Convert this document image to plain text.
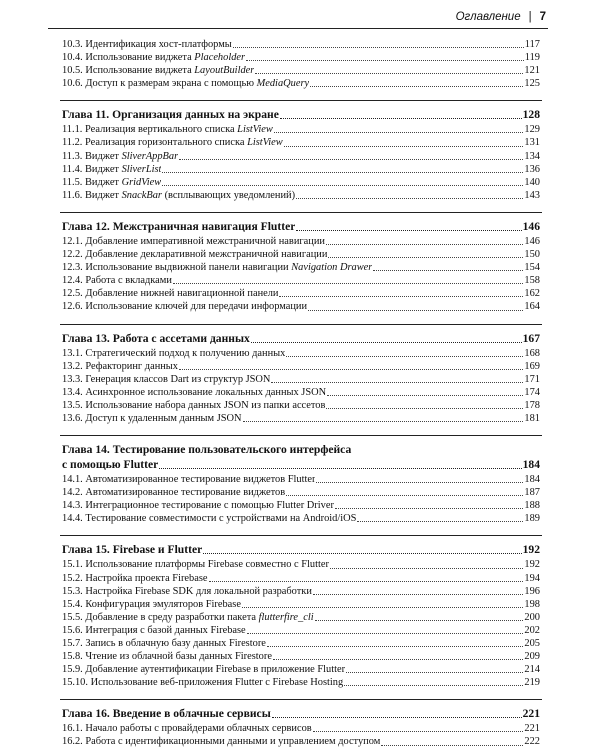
Оглавление | 7
10.3. Идентификация хост-платформы	117
10.4. Использование виджета Placeholder	119
10.5. Использование виджета LayoutBuilder	121
10.6. Доступ к размерам экрана с помощью MediaQuery	125
Глава 11. Организация данных на экране	128
11.1. Реализация вертикального списка ListView	129
11.2. Реализация горизонтального списка ListView	131
11.3. Виджет SliverAppBar	134
11.4. Виджет SliverList	136
11.5. Виджет GridView	140
11.6. Виджет SnackBar (всплывающих уведомлений)	143
Глава 12. Межстраничная навигация Flutter	146
12.1. Добавление императивной межстраничной навигации	146
12.2. Добавление декларативной межстраничной навигации	150
12.3. Использование выдвижной панели навигации Navigation Drawer	154
12.4. Работа с вкладками	158
12.5. Добавление нижней навигационной панели	162
12.6. Использование ключей для передачи информации	164
Глава 13. Работа с ассетами данных	167
13.1. Стратегический подход к получению данных	168
13.2. Рефакторинг данных	169
13.3. Генерация классов Dart из структур JSON	171
13.4. Асинхронное использование локальных данных JSON	174
13.5. Использование набора данных JSON из папки ассетов	178
13.6. Доступ к удаленным данным JSON	181
Глава 14. Тестирование пользовательского интерфейса
с помощью Flutter	184
14.1. Автоматизированное тестирование виджетов Flutter	184
14.2. Автоматизированное тестирование виджетов	187
14.3. Интеграционное тестирование с помощью Flutter Driver	188
14.4. Тестирование совместимости с устройствами на Android/iOS	189
Глава 15. Firebase и Flutter	192
15.1. Использование платформы Firebase совместно с Flutter	192
15.2. Настройка проекта Firebase	194
15.3. Настройка Firebase SDK для локальной разработки	196
15.4. Конфигурация эмуляторов Firebase	198
15.5. Добавление в среду разработки пакета flutterfire_cli	200
15.6. Интеграция с базой данных Firebase	202
15.7. Запись в облачную базу данных Firestore	205
15.8. Чтение из облачной базы данных Firestore	209
15.9. Добавление аутентификации Firebase в приложение Flutter	214
15.10. Использование веб-приложения Flutter с Firebase Hosting	219
Глава 16. Введение в облачные сервисы	221
16.1. Начало работы с провайдерами облачных сервисов	221
16.2. Работа с идентификационными данными и управлением доступом	222
